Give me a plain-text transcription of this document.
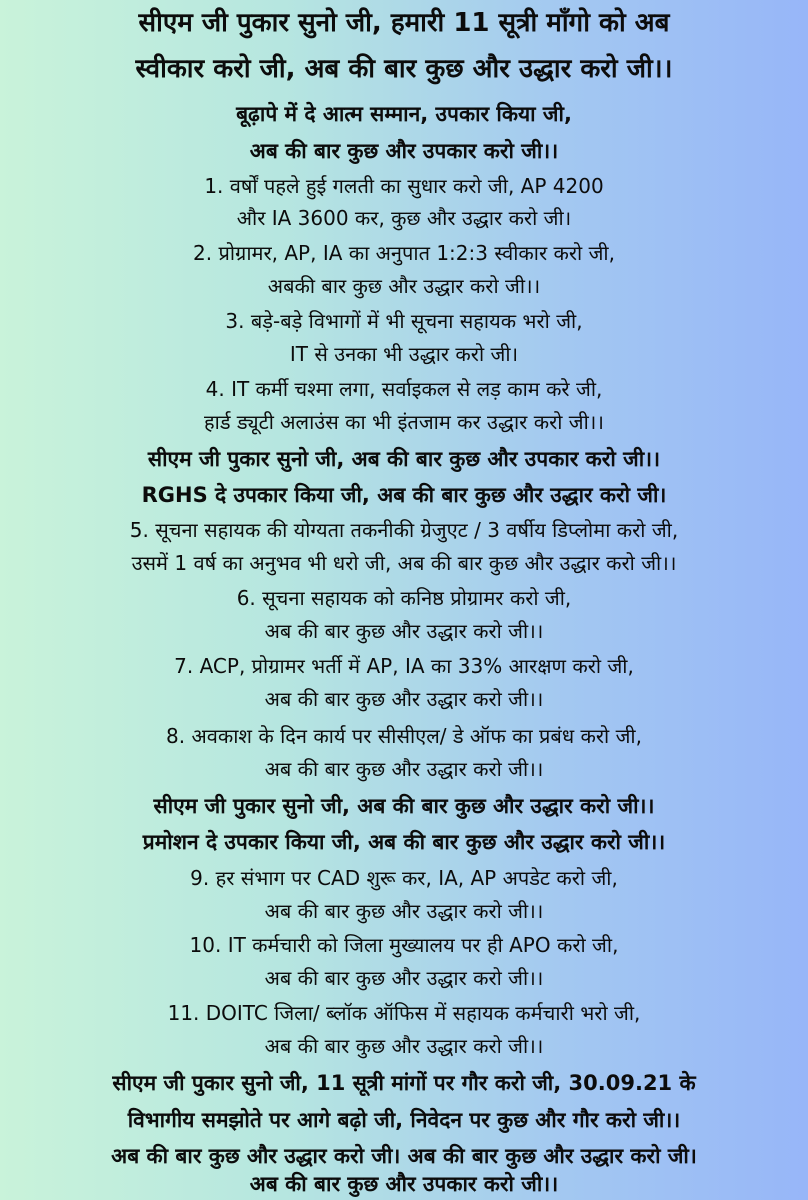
सीएम जी पुकार सुनो जी, हमारी 11 सूत्री माँगो को अब
स्वीकार करो जी, अब की बार कुछ और उद्धार करो जी।।
बूढ़ापे में दे आत्म सम्मान, उपकार किया जी,
अब की बार कुछ और उपकार करो जी।।
1. वर्षों पहले हुई गलती का सुधार करो जी, AP 4200
और IA 3600 कर, कुछ और उद्धार करो जी।
2. प्रोग्रामर, AP, IA का अनुपात 1:2:3 स्वीकार करो जी,
अबकी बार कुछ और उद्धार करो जी।।
3. बड़े-बड़े विभागों में भी सूचना सहायक भरो जी,
IT से उनका भी उद्धार करो जी।
4. IT कर्मी चश्मा लगा, सर्वाइकल से लड़ काम करे जी,
हार्ड ड्यूटी अलाउंस का भी इंतजाम कर उद्धार करो जी।।
सीएम जी पुकार सुनो जी, अब की बार कुछ और उपकार करो जी।।
RGHS दे उपकार किया जी, अब की बार कुछ और उद्धार करो जी।
5. सूचना सहायक की योग्यता तकनीकी ग्रेजुएट / 3 वर्षीय डिप्लोमा करो जी,
उसमें 1 वर्ष का अनुभव भी धरो जी, अब की बार कुछ और उद्धार करो जी।।
6. सूचना सहायक को कनिष्ठ प्रोग्रामर करो जी,
अब की बार कुछ और उद्धार करो जी।।
7. ACP, प्रोग्रामर भर्ती में AP, IA का 33% आरक्षण करो जी,
अब की बार कुछ और उद्धार करो जी।।
8. अवकाश के दिन कार्य पर सीसीएल/ डे ऑफ का प्रबंध करो जी,
अब की बार कुछ और उद्धार करो जी।।
सीएम जी पुकार सुनो जी, अब की बार कुछ और उद्धार करो जी।।
प्रमोशन दे उपकार किया जी, अब की बार कुछ और उद्धार करो जी।।
9. हर संभाग पर CAD शुरू कर, IA, AP अपडेट करो जी,
अब की बार कुछ और उद्धार करो जी।।
10. IT कर्मचारी को जिला मुख्यालय पर ही APO करो जी,
अब की बार कुछ और उद्धार करो जी।।
11. DOITC जिला/ ब्लॉक ऑफिस में सहायक कर्मचारी भरो जी,
अब की बार कुछ और उद्धार करो जी।।
सीएम जी पुकार सुनो जी, 11 सूत्री मांगों पर गौर करो जी, 30.09.21 के
विभागीय समझोते पर आगे बढ़ो जी, निवेदन पर कुछ और गौर करो जी।।
अब की बार कुछ और उद्धार करो जी। अब की बार कुछ और उद्धार करो जी।
अब की बार कुछ और उपकार करो जी।।
